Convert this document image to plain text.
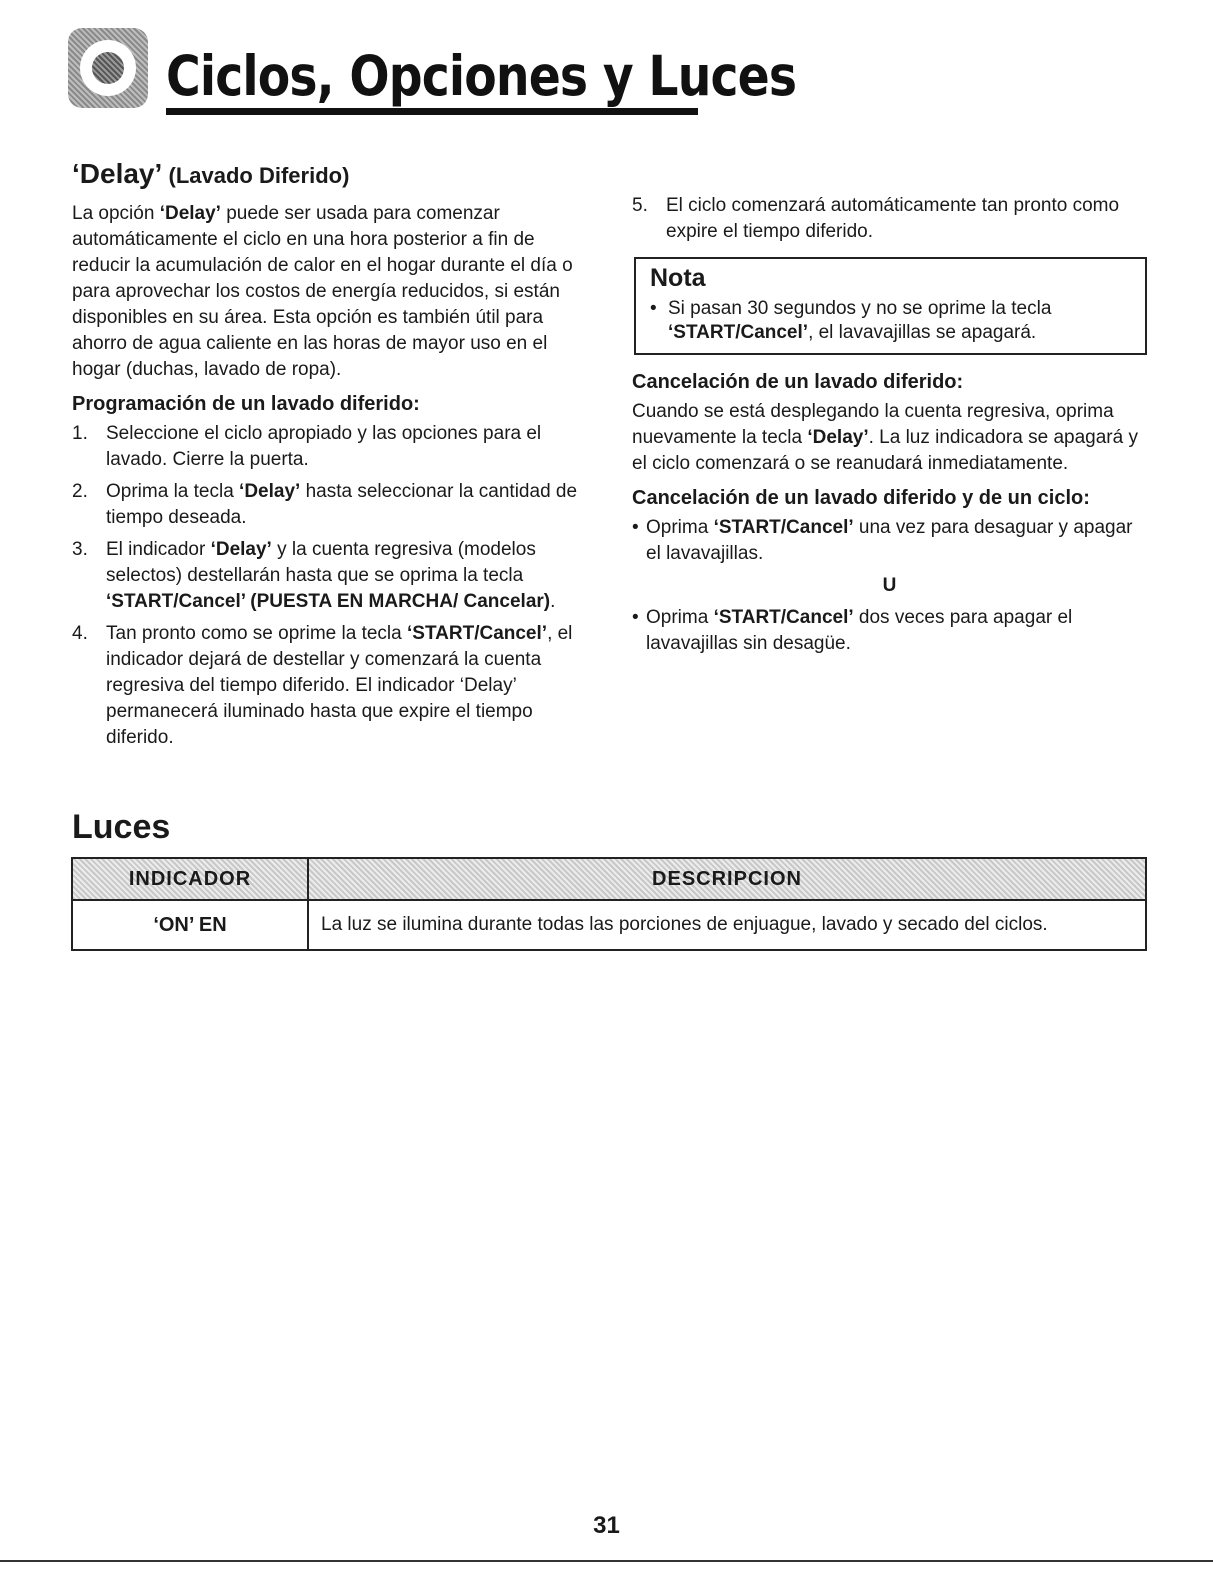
Ciclos, Opciones y Luces
‘Delay’ (Lavado Diferido)

La opción ‘Delay’ puede ser usada para comenzar automáticamente el ciclo en una hora posterior a fin de reducir la acumulación de calor en el hogar durante el día o para aprovechar los costos de energía reducidos, si están disponibles en su área. Esta opción es también útil para ahorro de agua caliente en las horas de mayor uso en el hogar (duchas, lavado de ropa).

Programación de un lavado diferido:
1. Seleccione el ciclo apropiado y las opciones para el lavado. Cierre la puerta.
2. Oprima la tecla ‘Delay’ hasta seleccionar la cantidad de tiempo deseada.
3. El indicador ‘Delay’ y la cuenta regresiva (modelos selectos) destellarán hasta que se oprima la tecla ‘START/Cancel’ (PUESTA EN MARCHA/ Cancelar).
4. Tan pronto como se oprime la tecla ‘START/Cancel’, el indicador dejará de destellar y comenzará la cuenta regresiva del tiempo diferido. El indicador ‘Delay’ permanecerá iluminado hasta que expire el tiempo diferido.
5. El ciclo comenzará automáticamente tan pronto como expire el tiempo diferido.
Nota
• Si pasan 30 segundos y no se oprime la tecla ‘START/Cancel’, el lavavajillas se apagará.
Cancelación de un lavado diferido:

Cuando se está desplegando la cuenta regresiva, oprima nuevamente la tecla ‘Delay’. La luz indicadora se apagará y el ciclo comenzará o se reanudará inmediatamente.

Cancelación de un lavado diferido y de un ciclo:
• Oprima ‘START/Cancel’ una vez para desaguar y apagar el lavavajillas.
U
• Oprima ‘START/Cancel’ dos veces para apagar el lavavajillas sin desagüe.
Luces
INDICADOR	DESCRIPCION
‘ON’ EN	La luz se ilumina durante todas las porciones de enjuague, lavado y secado del ciclos.
31
